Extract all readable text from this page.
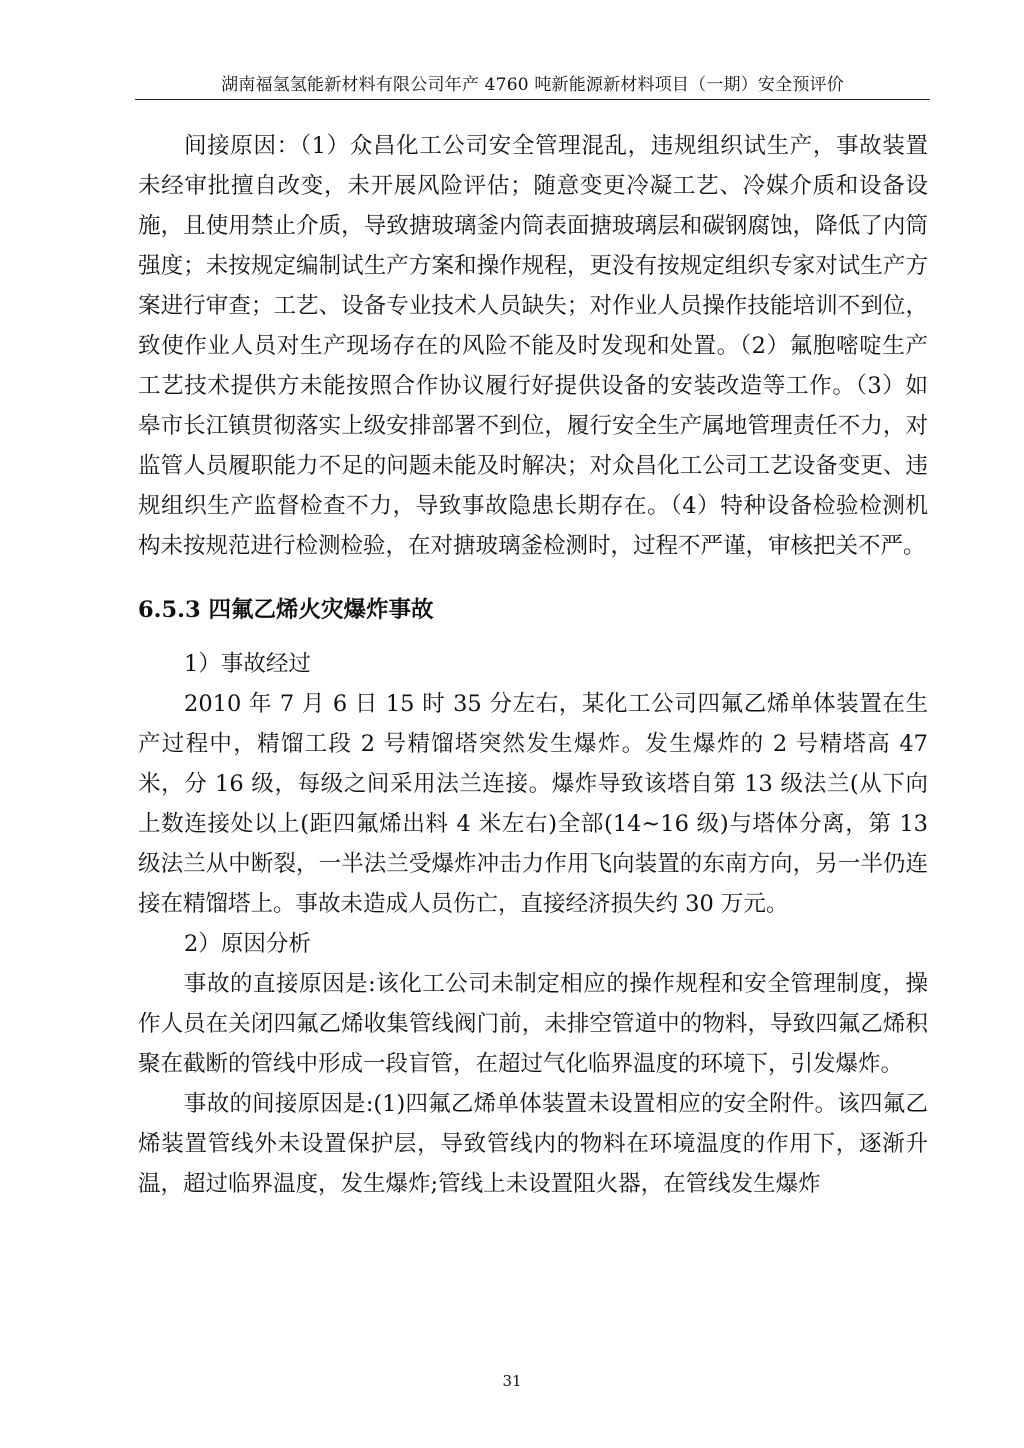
湖南福氢氢能新材料有限公司年产 4760 吨新能源新材料项目（一期）安全预评价

间接原因：（1）众昌化工公司安全管理混乱，违规组织试生产，事故装置未经审批擅自改变，未开展风险评估；随意变更冷凝工艺、冷媒介质和设备设施，且使用禁止介质，导致搪玻璃釜内筒表面搪玻璃层和碳钢腐蚀，降低了内筒强度；未按规定编制试生产方案和操作规程，更没有按规定组织专家对试生产方案进行审查；工艺、设备专业技术人员缺失；对作业人员操作技能培训不到位，致使作业人员对生产现场存在的风险不能及时发现和处置。（2）氟胞嘧啶生产工艺技术提供方未能按照合作协议履行好提供设备的安装改造等工作。（3）如皋市长江镇贯彻落实上级安排部署不到位，履行安全生产属地管理责任不力，对监管人员履职能力不足的问题未能及时解决；对众昌化工公司工艺设备变更、违规组织生产监督检查不力，导致事故隐患长期存在。（4）特种设备检验检测机构未按规范进行检测检验，在对搪玻璃釜检测时，过程不严谨，审核把关不严。

6.5.3 四氟乙烯火灾爆炸事故

1）事故经过

2010 年 7 月 6 日 15 时 35 分左右，某化工公司四氟乙烯单体装置在生产过程中，精馏工段 2 号精馏塔突然发生爆炸。发生爆炸的 2 号精塔高 47 米，分 16 级，每级之间采用法兰连接。爆炸导致该塔自第 13 级法兰(从下向上数连接处以上(距四氟烯出料 4 米左右)全部(14~16 级)与塔体分离，第 13 级法兰从中断裂，一半法兰受爆炸冲击力作用飞向装置的东南方向，另一半仍连接在精馏塔上。事故未造成人员伤亡，直接经济损失约 30 万元。

2）原因分析

事故的直接原因是:该化工公司未制定相应的操作规程和安全管理制度，操作人员在关闭四氟乙烯收集管线阀门前，未排空管道中的物料，导致四氟乙烯积聚在截断的管线中形成一段盲管，在超过气化临界温度的环境下，引发爆炸。

事故的间接原因是:(1)四氟乙烯单体装置未设置相应的安全附件。该四氟乙烯装置管线外未设置保护层，导致管线内的物料在环境温度的作用下，逐渐升温，超过临界温度，发生爆炸;管线上未设置阻火器，在管线发生爆炸

31
